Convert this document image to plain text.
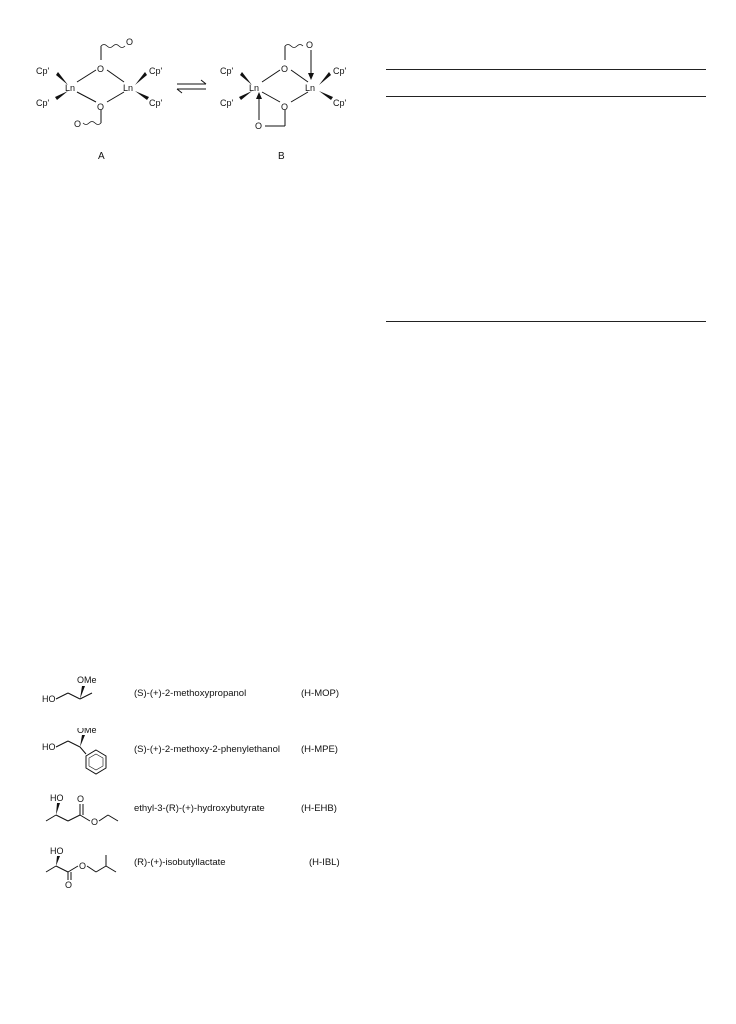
Ln	Ln
O
O
O
O
Cp'
Cp'
Cp'
Cp'
A
Ln	Ln
O
O
O
O
Cp'
Cp'
Cp'
Cp'
B
HO
OMe
(S)-(+)-2-methoxypropanol	(H-MOP)
HO
OMe
(S)-(+)-2-methoxy-2-phenylethanol (H-MPE)
HO O
O
ethyl-3-(R)-(+)-hydroxybutyrate	(H-EHB)
HO
O
O	(R)-(+)-isobutyllactate	(H-IBL)
